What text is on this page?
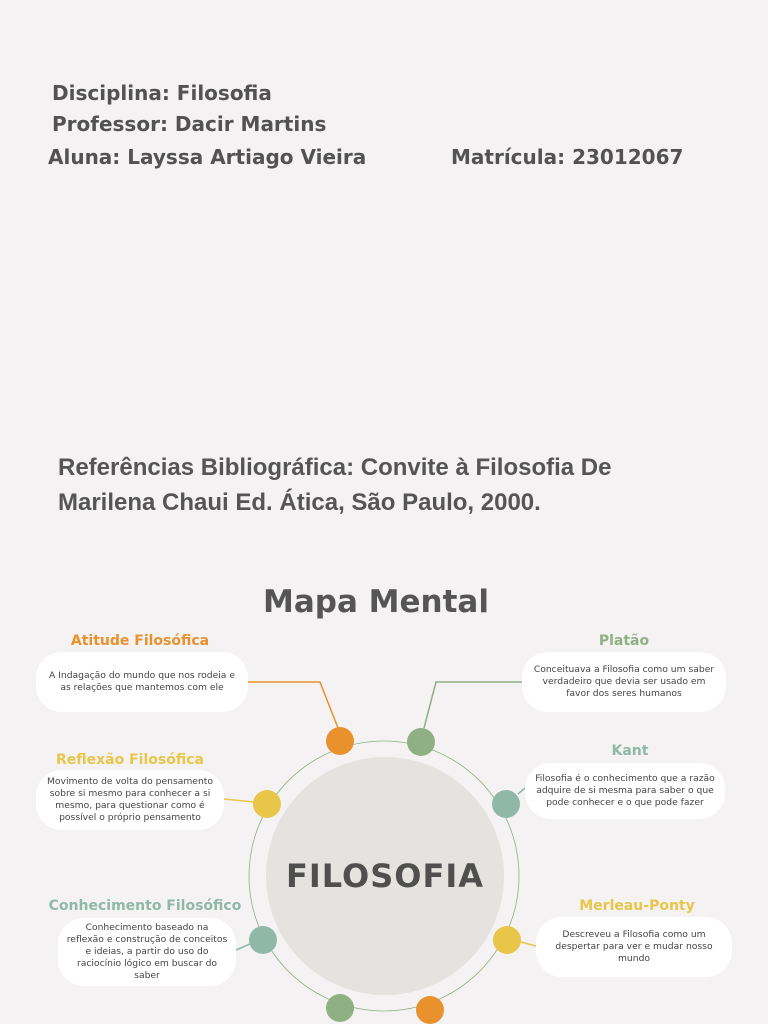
Disciplina: Filosofia

Professor: Dacir Martins

Aluna: Layssa Artiago Vieira	Matrícula: 23012067

Referências Bibliográfica: Convite à Filosofia De Marilena Chaui Ed. Ática, São Paulo, 2000.
Mapa Mental
FILOSOFIA
Atitude Filosófica
A Indagação do mundo que nos rodeia e as relações que mantemos com ele
Reflexão Filosófica
Movimento de volta do pensamento sobre si mesmo para conhecer a si mesmo, para questionar como é possível o próprio pensamento
Conhecimento Filosófico
Conhecimento baseado na reflexão e construção de conceitos e ideias, a partir do uso do raciocínio lógico em buscar do saber
Platão
Conceituava a Filosofia como um saber verdadeiro que devia ser usado em favor dos seres humanos
Kant
Filosofia é o conhecimento que a razão adquire de si mesma para saber o que pode conhecer e o que pode fazer
Merleau-Ponty
Descreveu a Filosofia como um despertar para ver e mudar nosso mundo
